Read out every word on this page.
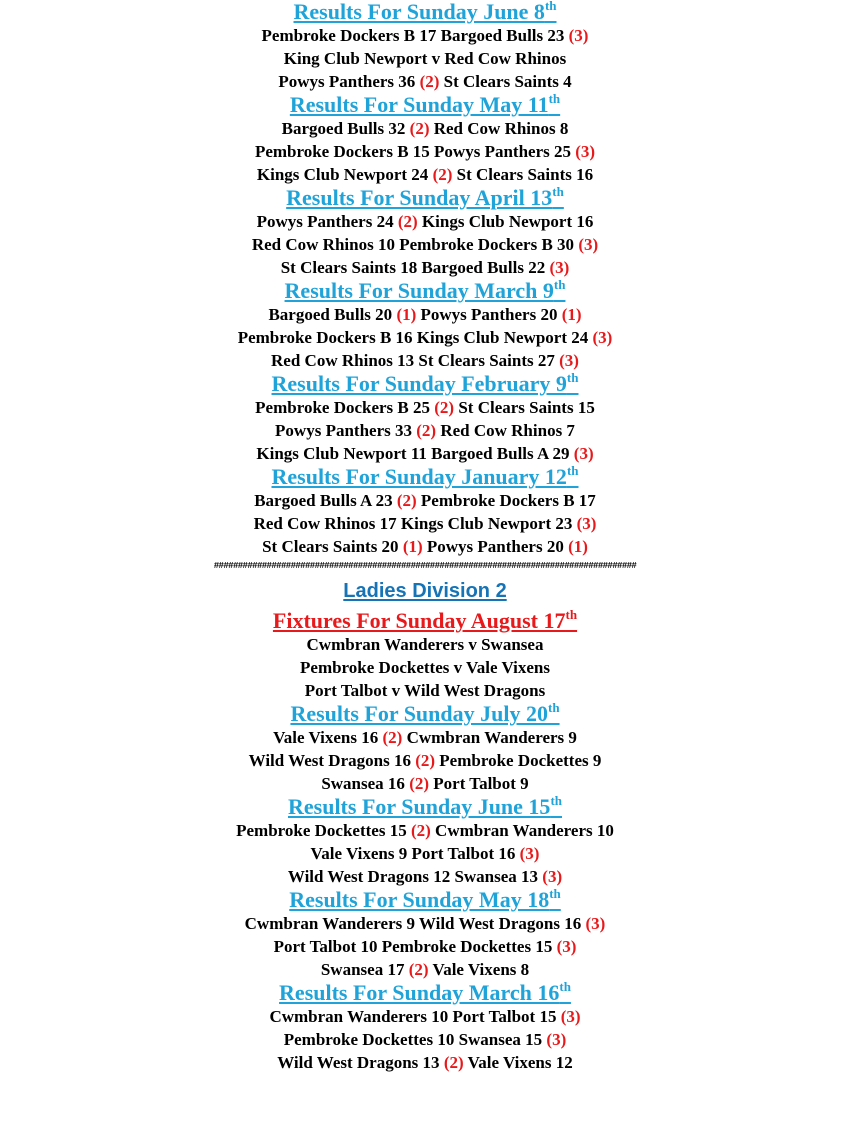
Results For Sunday June 8th
Pembroke Dockers B 17 Bargoed Bulls 23 (3)
King Club Newport v Red Cow Rhinos
Powys Panthers 36 (2) St Clears Saints 4
Results For Sunday May 11th
Bargoed Bulls 32 (2) Red Cow Rhinos 8
Pembroke Dockers B 15 Powys Panthers 25 (3)
Kings Club Newport 24 (2) St Clears Saints 16
Results For Sunday April 13th
Powys Panthers 24 (2) Kings Club Newport 16
Red Cow Rhinos 10 Pembroke Dockers B 30 (3)
St Clears Saints 18 Bargoed Bulls 22 (3)
Results For Sunday March 9th
Bargoed Bulls 20 (1) Powys Panthers 20 (1)
Pembroke Dockers B 16 Kings Club Newport 24 (3)
Red Cow Rhinos 13 St Clears Saints 27 (3)
Results For Sunday February 9th
Pembroke Dockers B 25 (2) St Clears Saints 15
Powys Panthers 33 (2) Red Cow Rhinos 7
Kings Club Newport 11 Bargoed Bulls A 29 (3)
Results For Sunday January 12th
Bargoed Bulls A 23 (2) Pembroke Dockers B 17
Red Cow Rhinos 17 Kings Club Newport 23 (3)
St Clears Saints 20 (1) Powys Panthers 20 (1)
########################################################################################
Ladies Division 2
Fixtures For Sunday August 17th
Cwmbran Wanderers v Swansea
Pembroke Dockettes v Vale Vixens
Port Talbot v Wild West Dragons
Results For Sunday July 20th
Vale Vixens 16 (2) Cwmbran Wanderers 9
Wild West Dragons 16 (2) Pembroke Dockettes 9
Swansea 16 (2) Port Talbot 9
Results For Sunday June 15th
Pembroke Dockettes 15 (2) Cwmbran Wanderers 10
Vale Vixens 9 Port Talbot 16 (3)
Wild West Dragons 12 Swansea 13 (3)
Results For Sunday May 18th
Cwmbran Wanderers 9 Wild West Dragons 16 (3)
Port Talbot 10 Pembroke Dockettes 15 (3)
Swansea 17 (2) Vale Vixens 8
Results For Sunday March 16th
Cwmbran Wanderers 10 Port Talbot 15 (3)
Pembroke Dockettes 10 Swansea 15 (3)
Wild West Dragons 13 (2) Vale Vixens 12
